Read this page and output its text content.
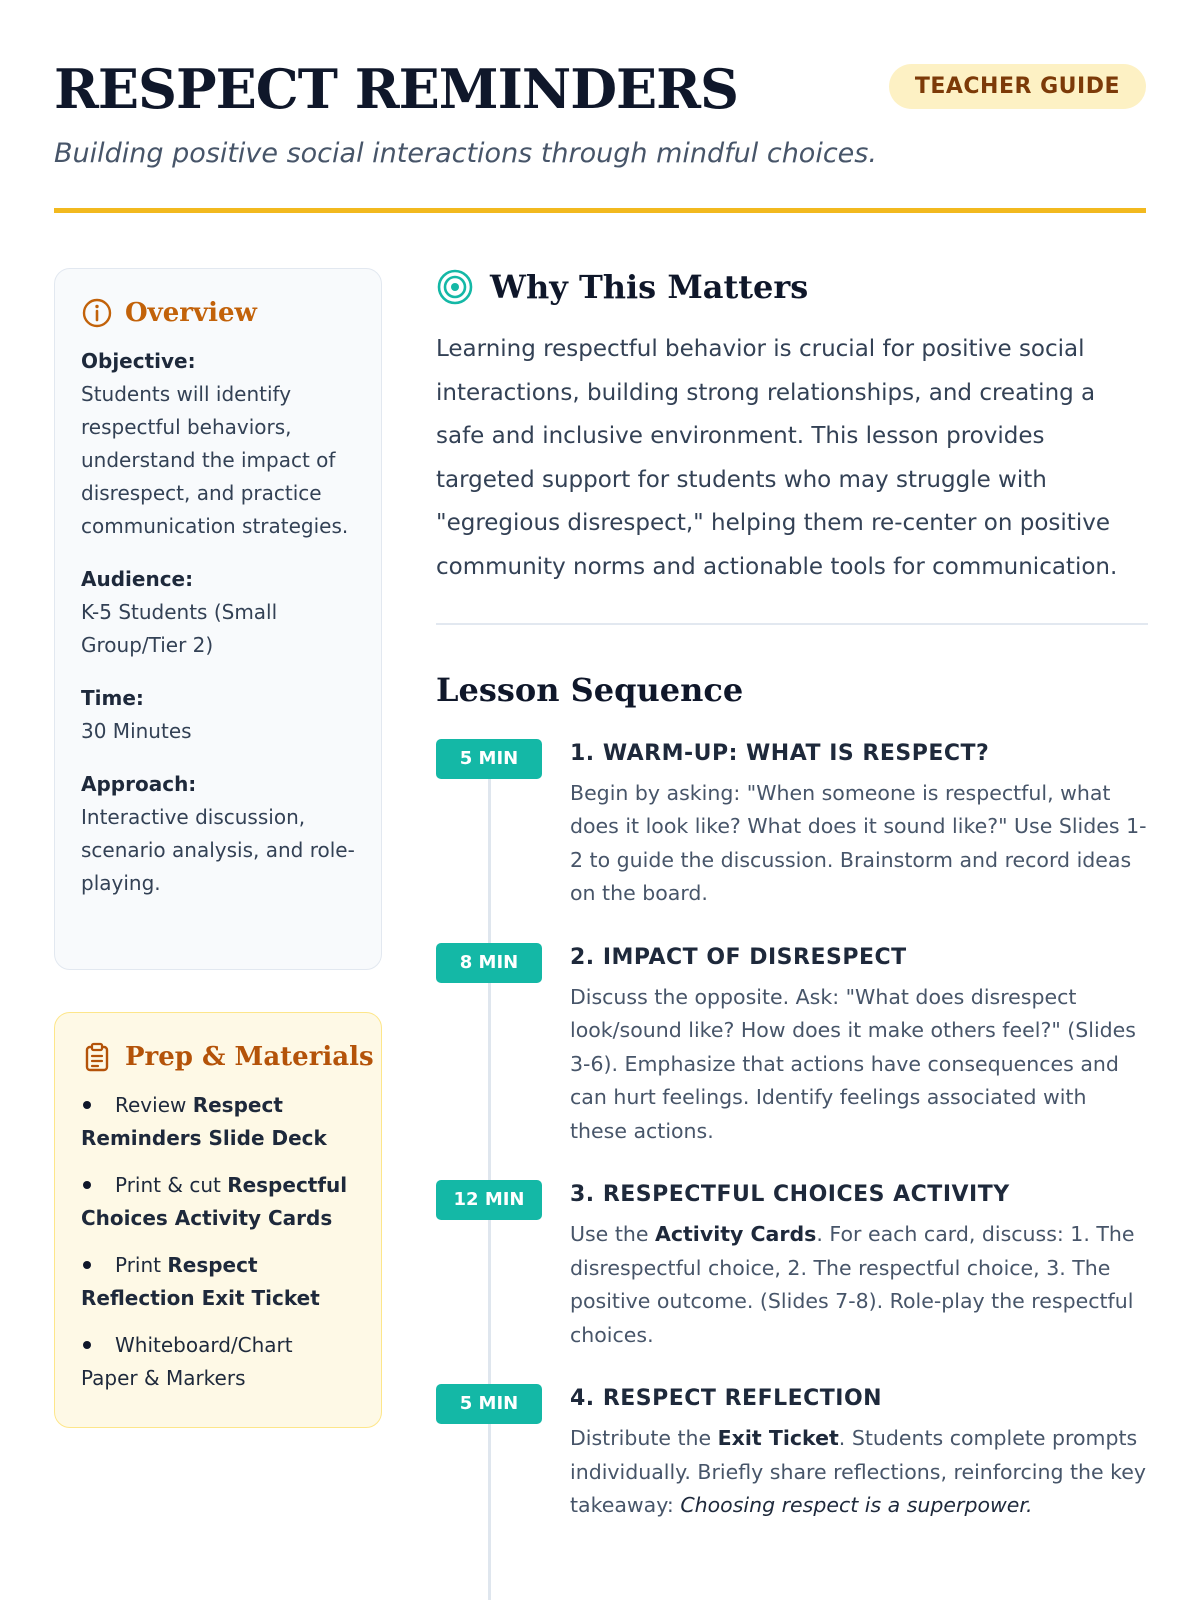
RESPECT REMINDERS	TEACHER GUIDE
Building positive social interactions through mindful choices.
Overview
Objective:
Students will identify respectful behaviors, understand the impact of disrespect, and practice communication strategies.
Audience:
K-5 Students (Small Group/Tier 2)
Time:
30 Minutes
Approach:
Interactive discussion, scenario analysis, and role-playing.
Prep & Materials
Review Respect Reminders Slide Deck
Print & cut Respectful Choices Activity Cards
Print Respect Reflection Exit Ticket
Whiteboard/Chart Paper & Markers
Why This Matters

Learning respectful behavior is crucial for positive social interactions, building strong relationships, and creating a safe and inclusive environment. This lesson provides targeted support for students who may struggle with "egregious disrespect," helping them re-center on positive community norms and actionable tools for communication.

Lesson Sequence
5 MIN	1. WARM-UP: WHAT IS RESPECT?

Begin by asking: "When someone is respectful, what does it look like? What does it sound like?" Use Slides 1-2 to guide the discussion. Brainstorm and record ideas on the board.

8 MIN	2. IMPACT OF DISRESPECT

Discuss the opposite. Ask: "What does disrespect look/sound like? How does it make others feel?" (Slides 3-6). Emphasize that actions have consequences and can hurt feelings. Identify feelings associated with these actions.

12 MIN	3. RESPECTFUL CHOICES ACTIVITY

Use the Activity Cards. For each card, discuss: 1. The disrespectful choice, 2. The respectful choice, 3. The positive outcome. (Slides 7-8). Role-play the respectful choices.

5 MIN	4. RESPECT REFLECTION

Distribute the Exit Ticket. Students complete prompts individually. Briefly share reflections, reinforcing the key takeaway: Choosing respect is a superpower.
